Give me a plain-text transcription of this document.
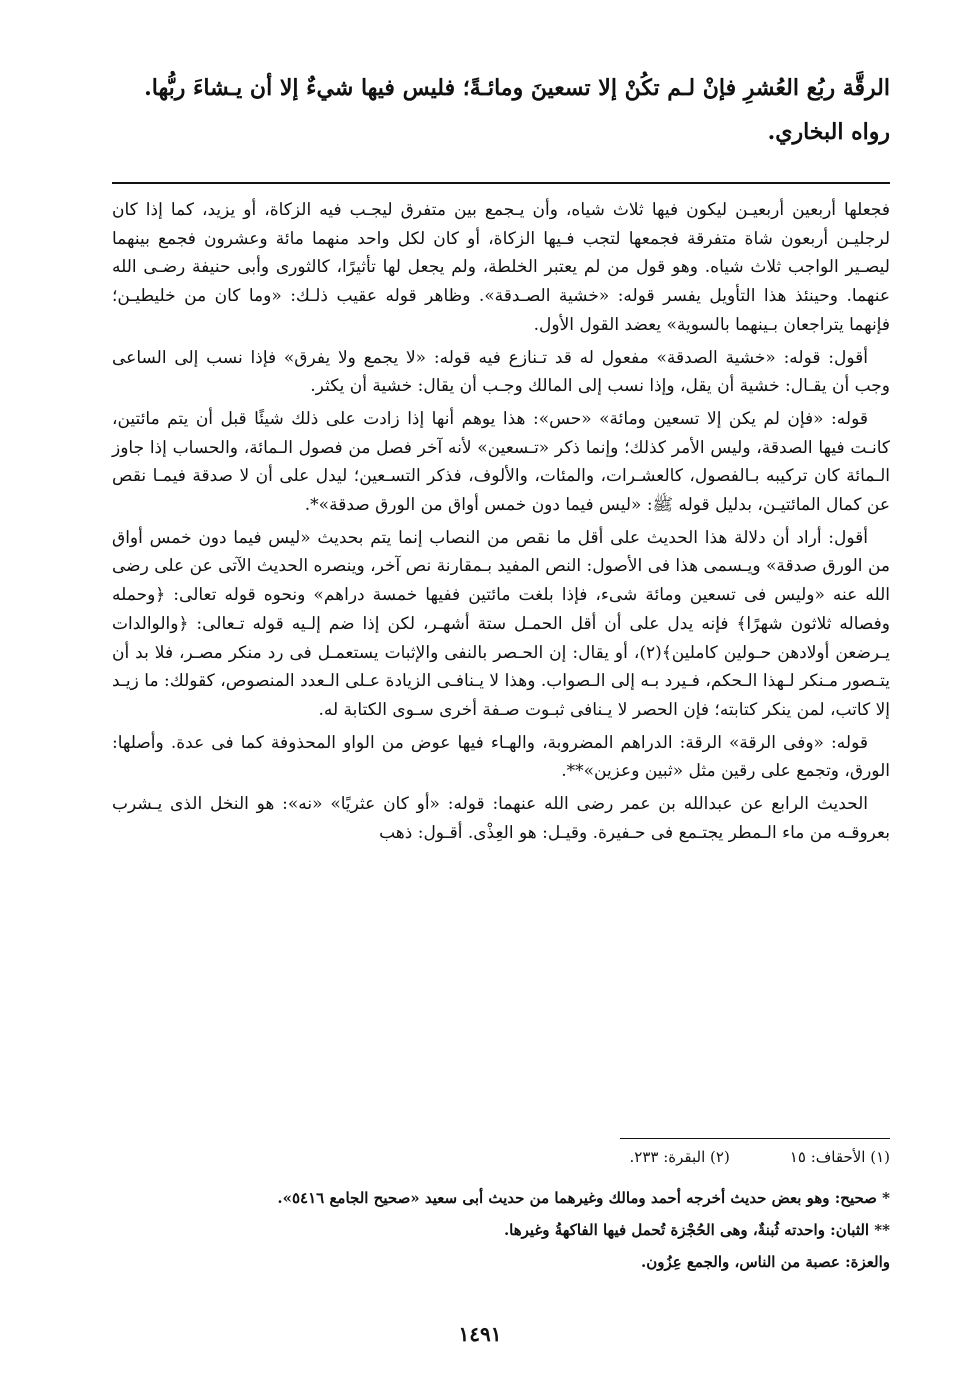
الرقَّة ربُع العُشرِ فإنْ لـم تكُنْ إلا تسعينَ ومائـةً؛ فليس فيها شيءٌ إلا أن يـشاءَ ربُّها.

رواه البخاري.

فجعلها أربعين أربعيـن ليكون فيها ثلاث شياه، وأن يـجمع بين متفرق ليجـب فيه الزكاة، أو يزيد، كما إذا كان لرجليـن أربعون شاة متفرقة فجمعها لتجب فـيها الزكاة، أو كان لكل واحد منهما مائة وعشرون فجمع بينهما ليصـير الواجب ثلاث شياه. وهو قول من لم يعتبر الخلطة، ولم يجعل لها تأثيرًا، كالثورى وأبى حنيفة رضـى الله عنهما. وحينئذ هذا التأويل يفسر قوله: «خشية الصـدقة». وظاهر قوله عقيب ذلـك: «وما كان من خليطيـن؛ فإنهما يتراجعان بـينهما بالسوية» يعضد القول الأول.

أقول: قوله: «خشية الصدقة» مفعول له قد تـنازع فيه قوله: «لا يجمع ولا يفرق» فإذا نسب إلى الساعى وجب أن يقـال: خشية أن يقل، وإذا نسب إلى المالك وجـب أن يقال: خشية أن يكثر.

قوله: «فإن لم يكن إلا تسعين ومائة» «حس»: هذا يوهم أنها إذا زادت على ذلك شيئًا قبل أن يتم مائتين، كانـت فيها الصدقة، وليس الأمر كذلك؛ وإنما ذكر «تـسعين» لأنه آخر فصل من فصول الـمائة، والحساب إذا جاوز الـمائة كان تركيبه بـالفصول، كالعشـرات، والمئات، والألوف، فذكر التسـعين؛ ليدل على أن لا صدقة فيمـا نقص عن كمال المائتيـن، بدليل قوله ﷺ: «ليس فيما دون خمس أواق من الورق صدقة»*.

أقول: أراد أن دلالة هذا الحديث على أقل ما نقص من النصاب إنما يتم بحديث «ليس فيما دون خمس أواق من الورق صدقة» ويـسمى هذا فى الأصول: النص المفيد بـمقارنة نص آخر، وينصره الحديث الآتى عن على رضى الله عنه «وليس فى تسعين ومائة شىء، فإذا بلغت مائتين ففيها خمسة دراهم» ونحوه قوله تعالى: ﴿وحمله وفصاله ثلاثون شهرًا﴾ فإنه يدل على أن أقل الحمـل ستة أشهـر، لكن إذا ضم إلـيه قوله تـعالى: ﴿والوالدات يـرضعن أولادهن حـولين كاملين﴾(٢)، أو يقال: إن الحـصر بالنفى والإثبات يستعمـل فى رد منكر مصـر، فلا بد أن يتـصور مـنكر لـهذا الـحكم، فـيرد بـه إلى الـصواب. وهذا لا يـنافـى الزيادة عـلى الـعدد المنصوص، كقولك: ما زيـد إلا كاتب، لمن ينكر كتابته؛ فإن الحصر لا يـنافى ثبـوت صـفة أخرى سـوى الكتابة له.

قوله: «وفى الرقة» الرقة: الدراهم المضروبة، والهـاء فيها عوض من الواو المحذوفة كما فى عدة. وأصلها: الورق، وتجمع على رقين مثل «ثبين وعزين»**.

الحديث الرابع عن عبدالله بن عمر رضى الله عنهما: قوله: «أو كان عثريًا» «نه»: هو النخل الذى يـشرب بعروقـه من ماء الـمطر يجتـمع فى حـفيرة. وقيـل: هو العِذْى. أقـول: ذهب

(١) الأحقاف: ١٥
(٢) البقرة: ٢٣٣.

* صحيح: وهو بعض حديث أخرجه أحمد ومالك وغيرهما من حديث أبى سعيد «صحيح الجامع ٥٤١٦».

** الثبان: واحدته ثُبنةٌ، وهى الحُجْزة تُحمل فيها الفاكهةُ وغيرها.

والعزة: عصبة من الناس، والجمع عِزُون.

١٤٩١
